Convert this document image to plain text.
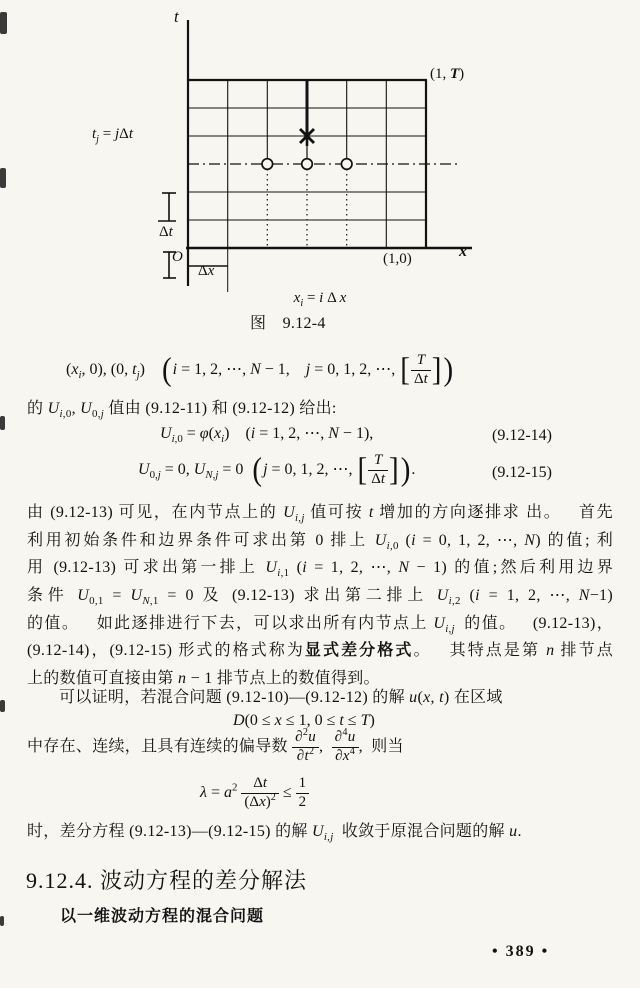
t
(1, T)
$t_j = j\Delta t$
Δt
O
Δx
(1,0)	x
$x_i = i$ Δ x
图 9.12-4
($x_i$, 0), (0, $t_j$) (i = 1, 2, ⋯, N − 1, j = 0, 1, 2, ⋯, [ $\frac{T}{\Delta t}$ ])
的 $U_{i,0}$, $U_{0,j}$ 值由 (9.12-11) 和 (9.12-12) 给出:
$U_{i,0} = \varphi(x_i)$ (i = 1, 2, ⋯, N − 1),	(9.12-14)
$U_{0,j} = 0$, $U_{N,j} = 0$ (j = 0, 1, 2, ⋯, [ $\frac{T}{\Delta t}$ ]).	(9.12-15)
由 (9.12-13) 可见，在内节点上的 $U_{i,j}$ 值可按 t 增加的方向逐排求 出。 首先
利用初始条件和边界条件可求出第 0 排上 $U_{i,0}$ (i = 0, 1, 2, ⋯, N) 的值; 利
用 (9.12-13) 可求出第一排上 $U_{i,1}$ (i = 1, 2, ⋯, N − 1) 的值;然后利用边界
条件 $U_{0,1} = U_{N,1} = 0$ 及 (9.12-13) 求出第二排上 $U_{i,2}$ (i = 1, 2, ⋯, N−1)
的值。 如此逐排进行下去，可以求出所有内节点上 $U_{i,j}$ 的值。 (9.12-13)，
(9.12-14)，(9.12-15) 形式的格式称为显式差分格式。 其特点是第 n 排节点
上的数值可直接由第 n − 1 排节点上的数值得到。
可以证明，若混合问题 (9.12-10)—(9.12-12) 的解 u(x, t) 在区域
D(0 ≤ x ≤ 1, 0 ≤ t ≤ T)
中存在、连续，且具有连续的偏导数 $\frac{\partial^2u}{\partial t^2}$ ,  $\frac{\partial^4u}{\partial x^4}$ , 则当
$\lambda = a^2 \frac{\Delta t}{(\Delta x)^2} \le \frac{1}{2}$
时，差分方程 (9.12-13)—(9.12-15) 的解 $U_{i,j}$ 收敛于原混合问题的解 u.
9.12.4. 波动方程的差分解法
以一维波动方程的混合问题
• 389 •
